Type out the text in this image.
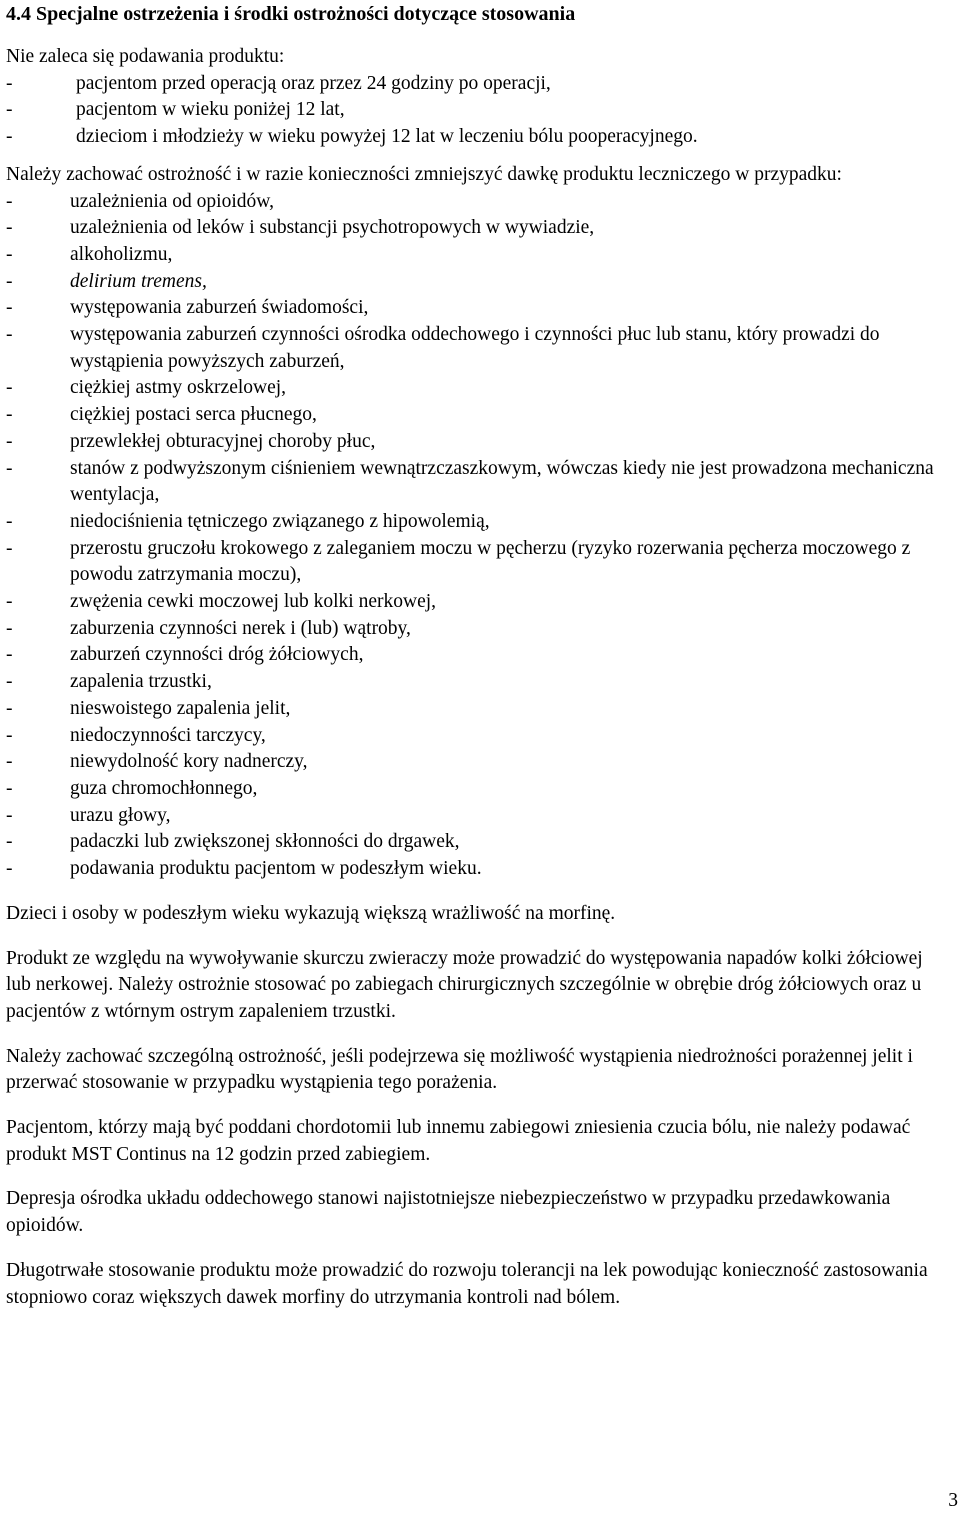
4.4 Specjalne ostrzeżenia i środki ostrożności dotyczące stosowania

Nie zaleca się podawania produktu:

-	pacjentom przed operacją oraz przez 24 godziny po operacji,
-	pacjentom w wieku poniżej 12 lat,
-	dzieciom i młodzieży w wieku powyżej 12 lat w leczeniu bólu pooperacyjnego.

Należy zachować ostrożność i w razie konieczności zmniejszyć dawkę produktu leczniczego w przypadku:

-	uzależnienia od opioidów,
-	uzależnienia od leków i substancji psychotropowych w wywiadzie,
-	alkoholizmu,
-	delirium tremens,
-	występowania zaburzeń świadomości,
-	występowania zaburzeń czynności ośrodka oddechowego i czynności płuc lub stanu, który prowadzi do wystąpienia powyższych zaburzeń,
-	ciężkiej astmy oskrzelowej,
-	ciężkiej postaci serca płucnego,
-	przewlekłej obturacyjnej choroby płuc,
-	stanów z podwyższonym ciśnieniem wewnątrzczaszkowym, wówczas kiedy nie jest prowadzona mechaniczna wentylacja,
-	niedociśnienia tętniczego związanego z hipowolemią,
-	przerostu gruczołu krokowego z zaleganiem moczu w pęcherzu (ryzyko rozerwania pęcherza moczowego z powodu zatrzymania moczu),
-	zwężenia cewki moczowej lub kolki nerkowej,
-	zaburzenia czynności nerek i (lub) wątroby,
-	zaburzeń czynności dróg żółciowych,
-	zapalenia trzustki,
-	nieswoistego zapalenia jelit,
-	niedoczynności tarczycy,
-	niewydolność kory nadnerczy,
-	guza chromochłonnego,
-	urazu głowy,
-	padaczki lub zwiększonej skłonności do drgawek,
-	podawania produktu pacjentom w podeszłym wieku.

Dzieci i osoby w podeszłym wieku wykazują większą wrażliwość na morfinę.

Produkt ze względu na wywoływanie skurczu zwieraczy może prowadzić do występowania napadów kolki żółciowej lub nerkowej. Należy ostrożnie stosować po zabiegach chirurgicznych szczególnie w obrębie dróg żółciowych oraz u pacjentów z wtórnym ostrym zapaleniem trzustki.

Należy zachować szczególną ostrożność, jeśli podejrzewa się możliwość wystąpienia niedrożności porażennej jelit i przerwać stosowanie w przypadku wystąpienia tego porażenia.

Pacjentom, którzy mają być poddani chordotomii lub innemu zabiegowi zniesienia czucia bólu, nie należy podawać produkt MST Continus na 12 godzin przed zabiegiem.

Depresja ośrodka układu oddechowego stanowi najistotniejsze niebezpieczeństwo w przypadku przedawkowania opioidów.

Długotrwałe stosowanie produktu może prowadzić do rozwoju tolerancji na lek powodując konieczność zastosowania stopniowo coraz większych dawek morfiny do utrzymania kontroli nad bólem.

3
